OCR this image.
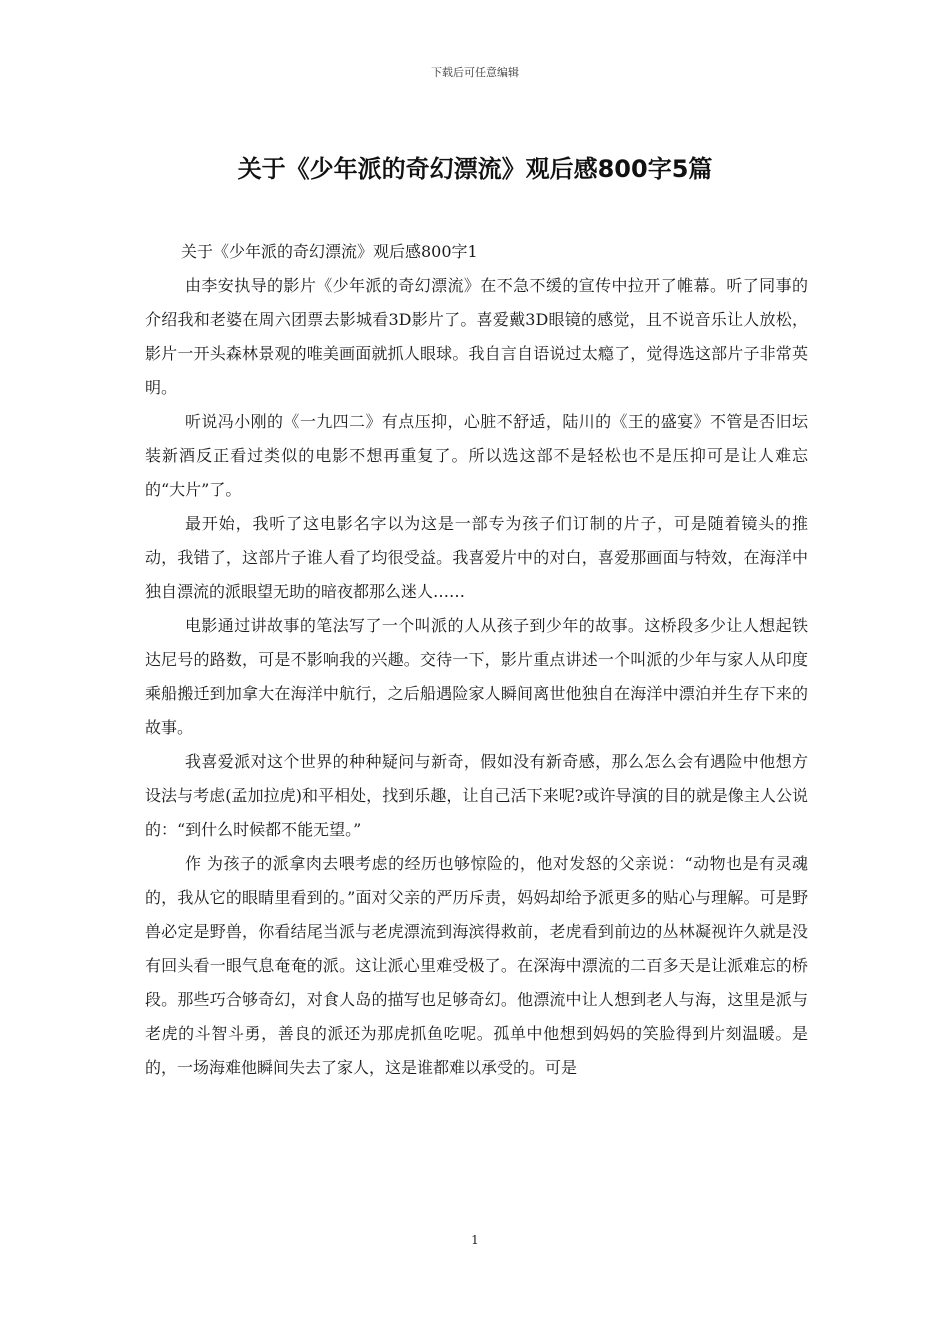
下载后可任意编辑
关于《少年派的奇幻漂流》观后感800字5篇

关于《少年派的奇幻漂流》观后感800字1

由李安执导的影片《少年派的奇幻漂流》在不急不缓的宣传中拉开了帷幕。听了同事的介绍我和老婆在周六团票去影城看3D影片了。喜爱戴3D眼镜的感觉，且不说音乐让人放松，影片一开头森林景观的唯美画面就抓人眼球。我自言自语说过太瘾了，觉得选这部片子非常英明。

听说冯小刚的《一九四二》有点压抑，心脏不舒适，陆川的《王的盛宴》不管是否旧坛装新酒反正看过类似的电影不想再重复了。所以选这部不是轻松也不是压抑可是让人难忘的“大片”了。

最开始，我听了这电影名字以为这是一部专为孩子们订制的片子，可是随着镜头的推动，我错了，这部片子谁人看了均很受益。我喜爱片中的对白，喜爱那画面与特效，在海洋中独自漂流的派眼望无助的暗夜都那么迷人……

电影通过讲故事的笔法写了一个叫派的人从孩子到少年的故事。这桥段多少让人想起铁达尼号的路数，可是不影响我的兴趣。交待一下，影片重点讲述一个叫派的少年与家人从印度乘船搬迁到加拿大在海洋中航行，之后船遇险家人瞬间离世他独自在海洋中漂泊并生存下来的故事。

我喜爱派对这个世界的种种疑问与新奇，假如没有新奇感，那么怎么会有遇险中他想方设法与考虑(孟加拉虎)和平相处，找到乐趣，让自己活下来呢?或许导演的目的就是像主人公说的：“到什么时候都不能无望。”

作 为孩子的派拿肉去喂考虑的经历也够惊险的，他对发怒的父亲说：“动物也是有灵魂的，我从它的眼睛里看到的。”面对父亲的严历斥责，妈妈却给予派更多的贴心与理解。可是野兽必定是野兽，你看结尾当派与老虎漂流到海滨得救前，老虎看到前边的丛林凝视许久就是没有回头看一眼气息奄奄的派。这让派心里难受极了。在深海中漂流的二百多天是让派难忘的桥段。那些巧合够奇幻，对食人岛的描写也足够奇幻。他漂流中让人想到老人与海，这里是派与老虎的斗智斗勇，善良的派还为那虎抓鱼吃呢。孤单中他想到妈妈的笑脸得到片刻温暖。是的，一场海难他瞬间失去了家人，这是谁都难以承受的。可是

1
